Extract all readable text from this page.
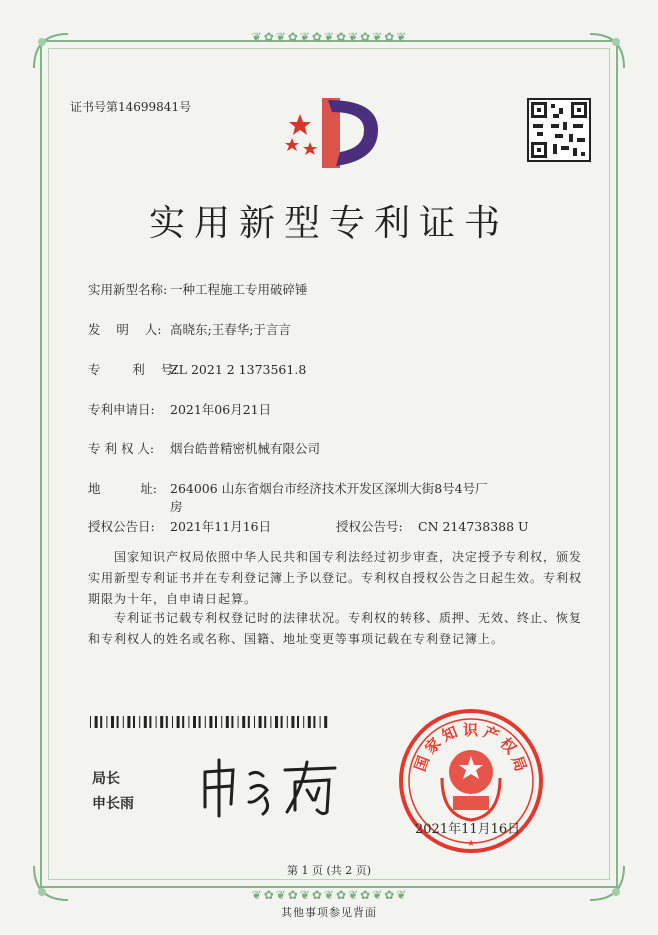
❦✿❦✿❦✿❦✿❦✿❦✿❦
❦✿❦✿❦✿❦✿❦✿❦✿❦
证书号第14699841号
实用新型专利证书
实用新型名称: 一种工程施工专用破碎锤
发    明    人: 高晓东;王春华;于言言
专        利    号:ZL 2021 2 1373561.8
专利申请日: 2021年06月21日
专 利 权 人: 烟台皓普精密机械有限公司
地          址: 264006 山东省烟台市经济技术开发区深圳大街8号4号厂
房
授权公告日: 2021年11月16日	授权公告号: CN 214738388 U
国家知识产权局依照中华人民共和国专利法经过初步审查，决定授予专利权，颁发实用新型专利证书并在专利登记簿上予以登记。专利权自授权公告之日起生效。专利权期限为十年，自申请日起算。
专利证书记载专利权登记时的法律状况。专利权的转移、质押、无效、终止、恢复和专利权人的姓名或名称、国籍、地址变更等事项记载在专利登记簿上。
局长
申长雨
★
国
家
知 识 产
权
局
2021年11月16日
第 1 页 (共 2 页)
其他事项参见背面
